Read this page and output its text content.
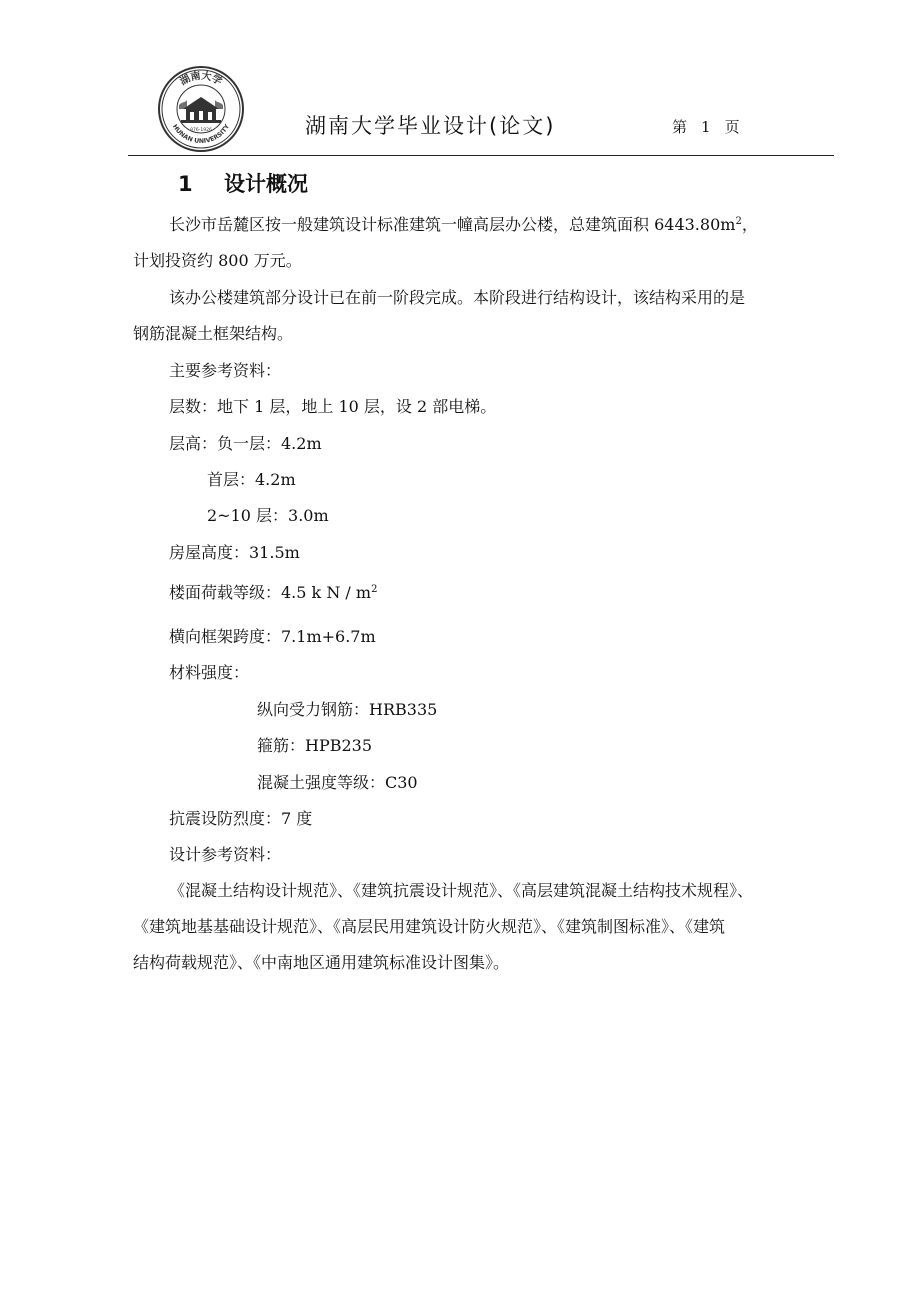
湖南大学
HUNAN UNIVERSITY
976-1926	湖南大学毕业设计(论文)	第 1 页
1 设计概况
长沙市岳麓区按一般建筑设计标准建筑一幢高层办公楼，总建筑面积 $6443.80m^2$，
计划投资约 800 万元。
该办公楼建筑部分设计已在前一阶段完成。本阶段进行结构设计，该结构采用的是
钢筋混凝土框架结构。
主要参考资料：
层数：地下 1 层，地上 10 层，设 2 部电梯。
层高：负一层：4.2m
首层：4.2m
2~10 层：3.0m
房屋高度：31.5m
楼面荷载等级：4.5 k N / $m^2$
横向框架跨度：7.1m+6.7m
材料强度：
纵向受力钢筋：HRB335
箍筋：HPB235
混凝土强度等级：C30
抗震设防烈度：7 度
设计参考资料：
《混凝土结构设计规范》、《建筑抗震设计规范》、《高层建筑混凝土结构技术规程》、
《建筑地基基础设计规范》、《高层民用建筑设计防火规范》、《建筑制图标准》、《建筑
结构荷载规范》、《中南地区通用建筑标准设计图集》。
